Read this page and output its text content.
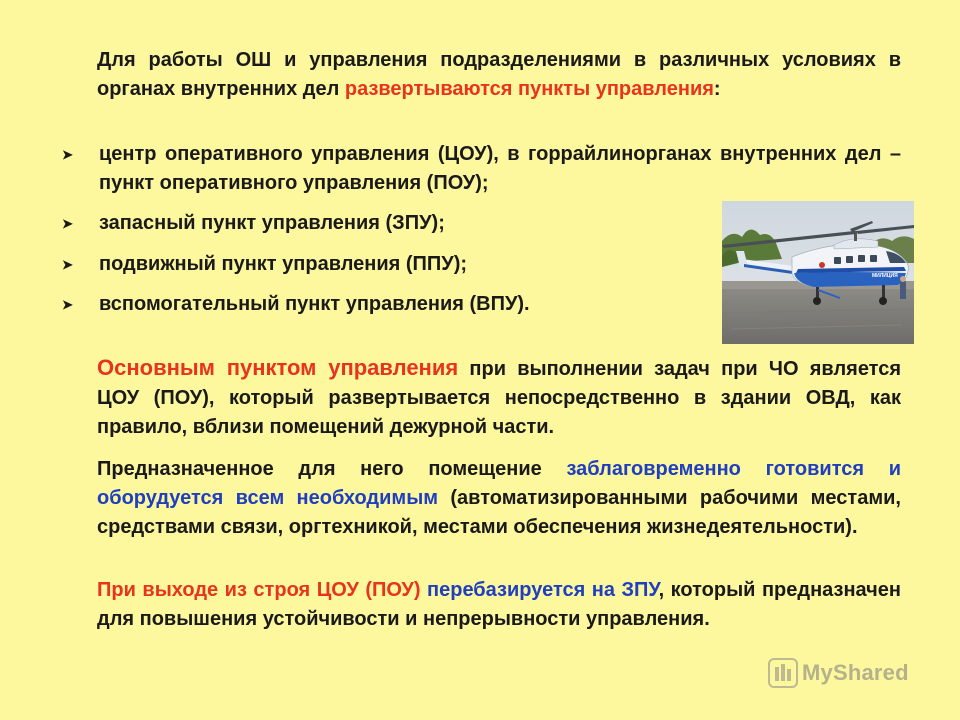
Для работы ОШ и управления подразделениями в различных условиях в органах внутренних дел развертываются пункты управления:

➤	центр оперативного управления (ЦОУ), в горрайлинорганах внутренних дел – пункт оперативного управления (ПОУ);
➤	запасный пункт управления (ЗПУ);
➤	подвижный пункт управления (ППУ);
➤	вспомогательный пункт управления (ВПУ).
МИЛИЦИЯ

Основным пунктом управления при выполнении задач при ЧО является ЦОУ (ПОУ), который развертывается непосредственно в здании ОВД, как правило, вблизи помещений дежурной части.

Предназначенное для него помещение заблаговременно готовится и оборудуется всем необходимым (автоматизированными рабочими местами, средствами связи, оргтехникой, местами обеспечения жизнедеятельности).

При выходе из строя ЦОУ (ПОУ) перебазируется на ЗПУ, который предназначен для повышения устойчивости и непрерывности управления.

MyShared
